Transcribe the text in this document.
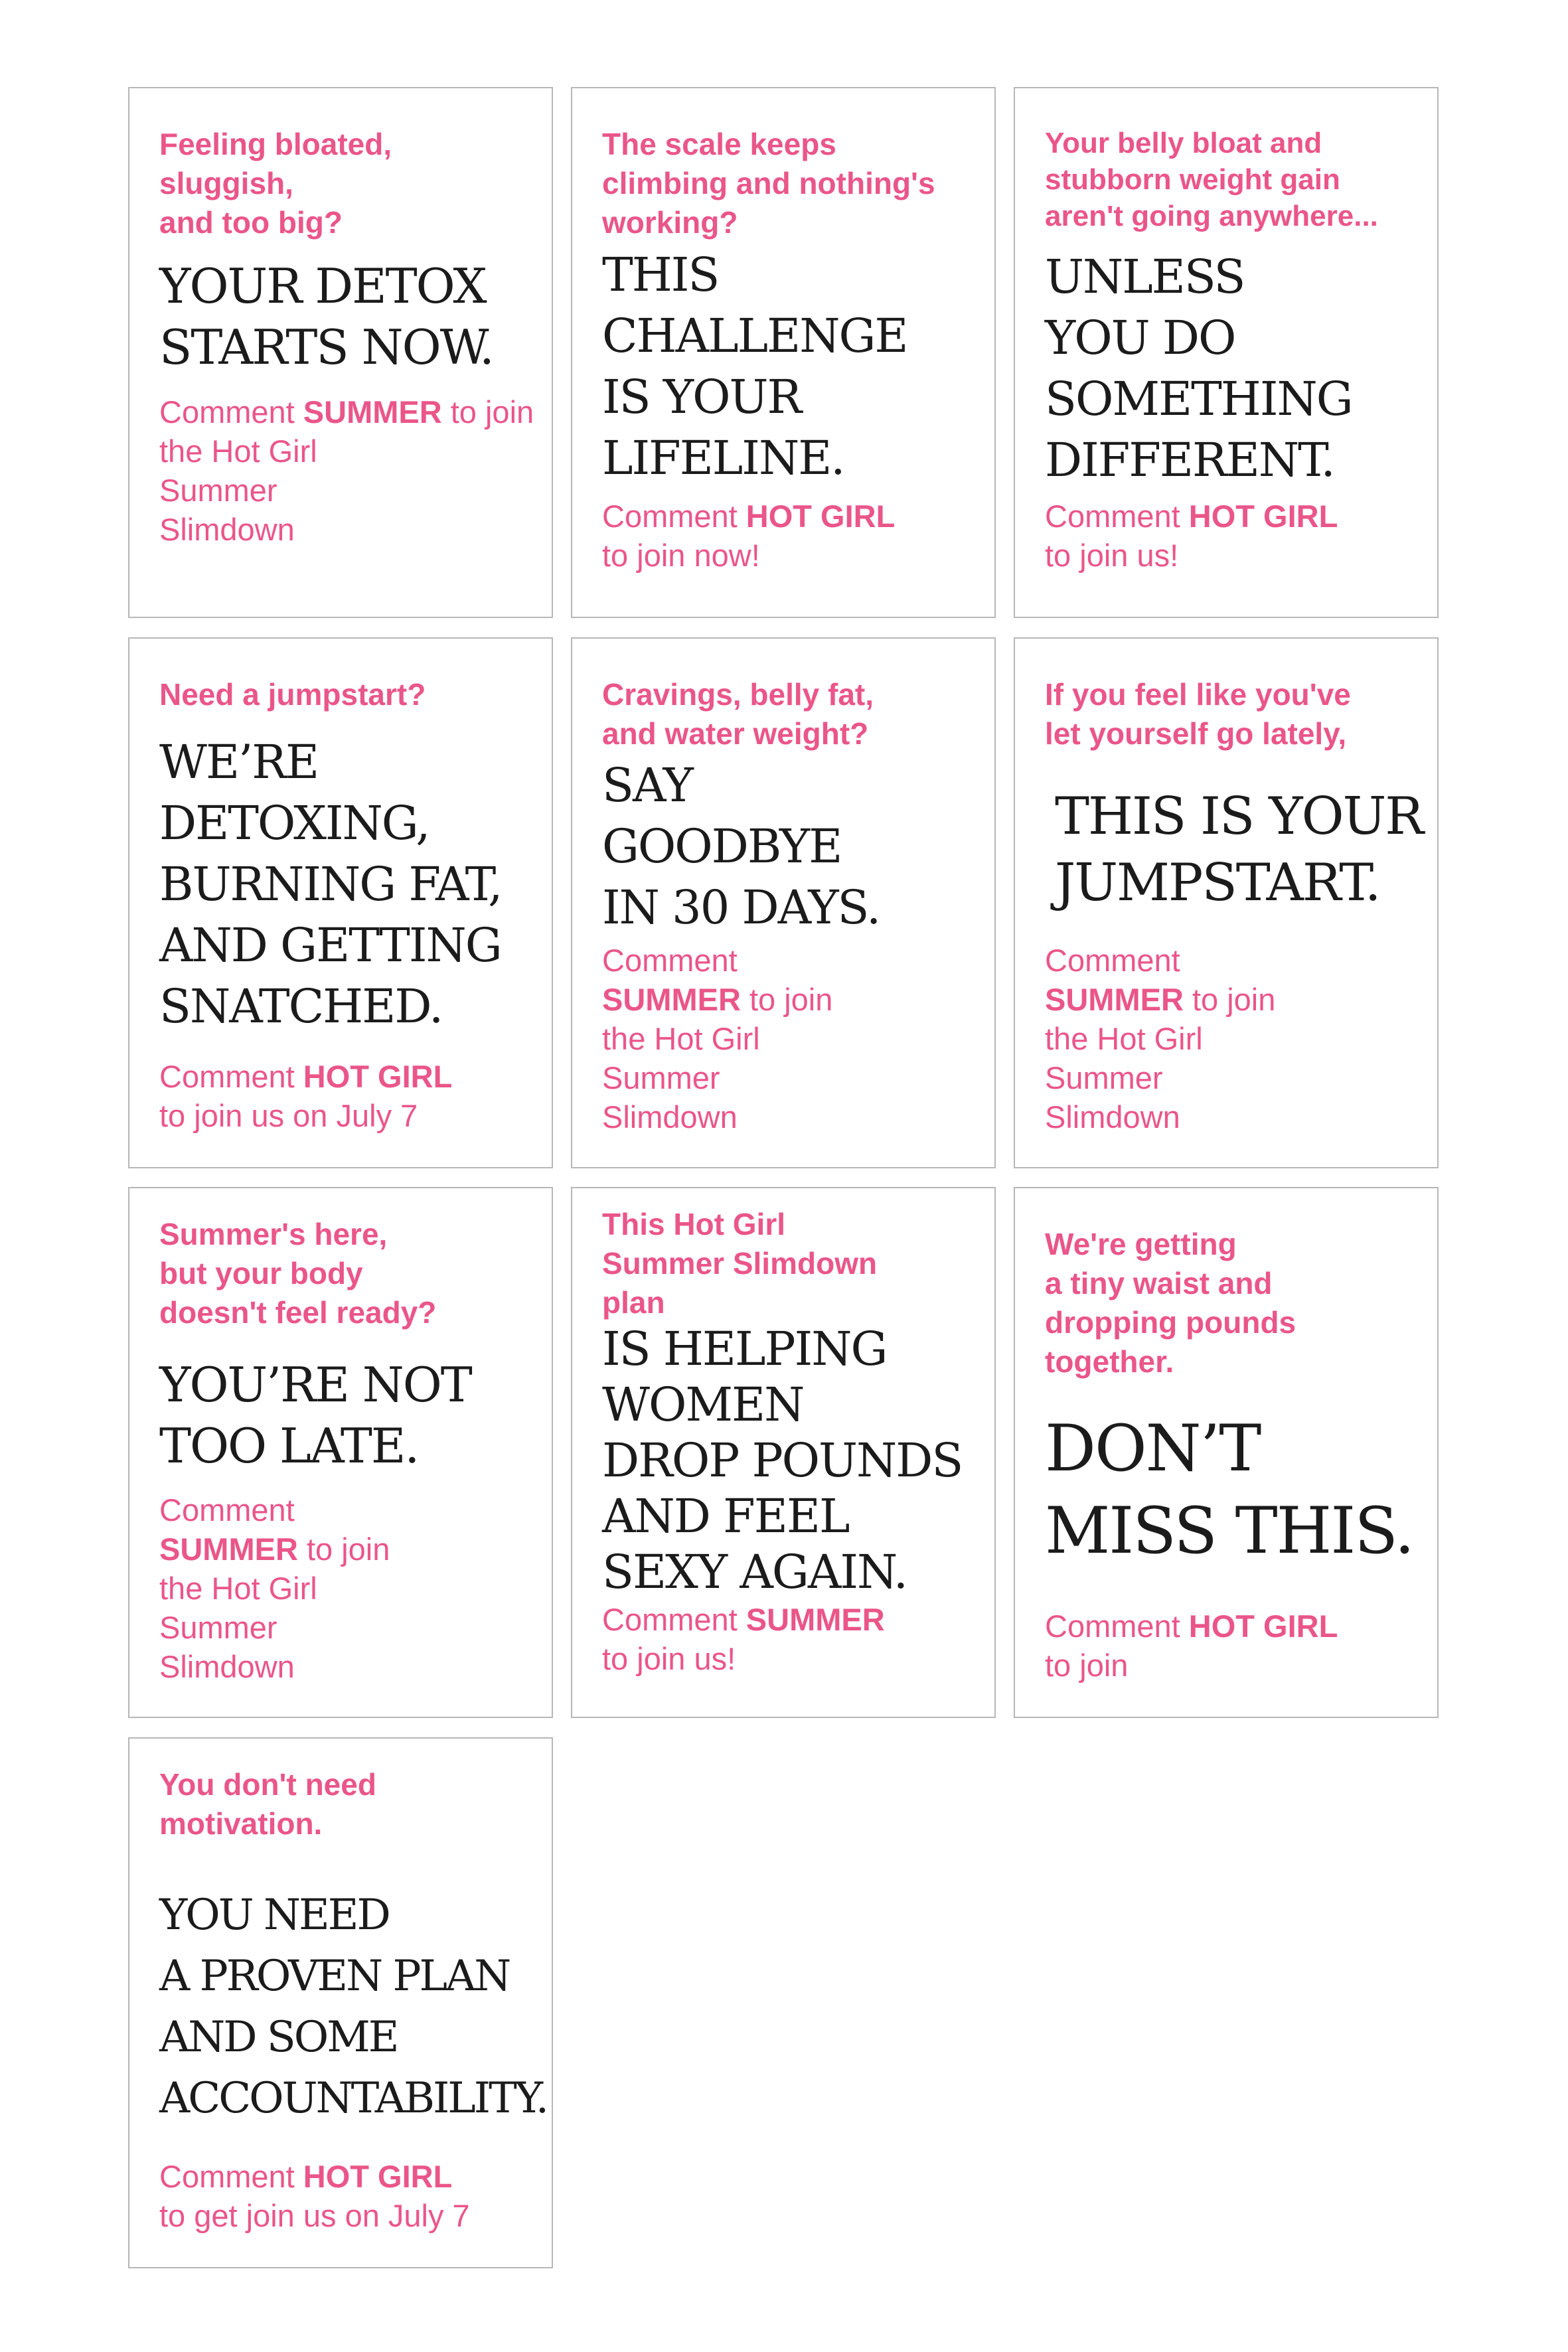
Feeling bloated,
sluggish,
and too big?

YOUR DETOX
STARTS NOW.

Comment SUMMER to join
the Hot Girl
Summer
Slimdown

The scale keeps
climbing and nothing's
working?

THIS
CHALLENGE
IS YOUR
LIFELINE.

Comment HOT GIRL
to join now!

Your belly bloat and
stubborn weight gain
aren't going anywhere...

UNLESS
YOU DO
SOMETHING
DIFFERENT.

Comment HOT GIRL
to join us!

Need a jumpstart?

WE’RE
DETOXING,
BURNING FAT,
AND GETTING
SNATCHED.

Comment HOT GIRL
to join us on July 7

Cravings, belly fat,
and water weight?

SAY
GOODBYE
IN 30 DAYS.

Comment
SUMMER to join
the Hot Girl
Summer
Slimdown

If you feel like you've
let yourself go lately,

THIS IS YOUR
JUMPSTART.

Comment
SUMMER to join
the Hot Girl
Summer
Slimdown

Summer's here,
but your body
doesn't feel ready?

YOU’RE NOT
TOO LATE.

Comment
SUMMER to join
the Hot Girl
Summer
Slimdown

This Hot Girl
Summer Slimdown
plan

IS HELPING
WOMEN
DROP POUNDS
AND FEEL
SEXY AGAIN.

Comment SUMMER
to join us!

We're getting
a tiny waist and
dropping pounds
together.

DON’T
MISS THIS.

Comment HOT GIRL
to join

You don't need
motivation.

YOU NEED
A PROVEN PLAN
AND SOME
ACCOUNTABILITY.

Comment HOT GIRL
to get join us on July 7
